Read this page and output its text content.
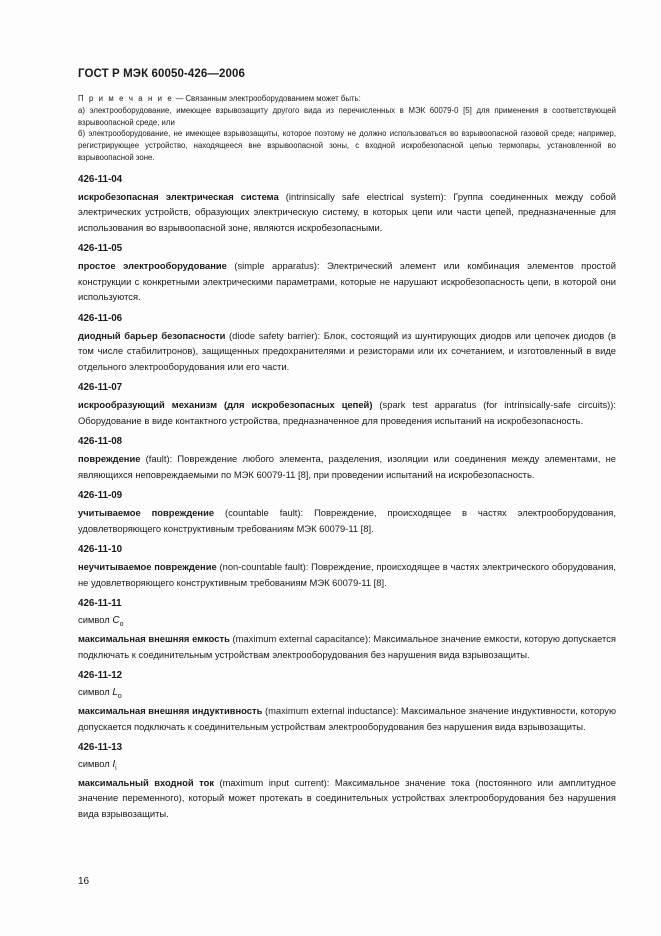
ГОСТ Р МЭК 60050-426—2006

П р и м е ч а н и е — Связанным электрооборудованием может быть:

a) электрооборудование, имеющее взрывозащиту другого вида из перечисленных в МЭК 60079-0 [5] для применения в соответствующей взрывоопасной среде, или

б) электрооборудование, не имеющее взрывозащиты, которое поэтому не должно использоваться во взрывоопасной газовой среде; например, регистрирующее устройство, находящееся вне взрывоопасной зоны, с входной искробезопасной цепью термопары, установленной во взрывоопасной зоне.

426-11-04

искробезопасная электрическая система (intrinsically safe electrical system): Группа соединенных между собой электрических устройств, образующих электрическую систему, в которых цепи или части цепей, предназначенные для использования во взрывоопасной зоне, являются искробезопасными.

426-11-05

простое электрооборудование (simple apparatus): Электрический элемент или комбинация элементов простой конструкции с конкретными электрическими параметрами, которые не нарушают искробезопасность цепи, в которой они используются.

426-11-06

диодный барьер безопасности (diode safety barrier): Блок, состоящий из шунтирующих диодов или цепочек диодов (в том числе стабилитронов), защищенных предохранителями и резисторами или их сочетанием, и изготовленный в виде отдельного электрооборудования или его части.

426-11-07

искрообразующий механизм (для искробезопасных цепей) (spark test apparatus (for intrinsically-safe circuits)): Оборудование в виде контактного устройства, предназначенное для проведения испытаний на искробезопасность.

426-11-08

повреждение (fault): Повреждение любого элемента, разделения, изоляции или соединения между элементами, не являющихся неповреждаемыми по МЭК 60079-11 [8], при проведении испытаний на искробезопасность.

426-11-09

учитываемое повреждение (countable fault): Повреждение, происходящее в частях электрооборудования, удовлетворяющего конструктивным требованиям МЭК 60079-11 [8].

426-11-10

неучитываемое повреждение (non-countable fault): Повреждение, происходящее в частях электрического оборудования, не удовлетворяющего конструктивным требованиям МЭК 60079-11 [8].

426-11-11

символ $C_o$

максимальная внешняя емкость (maximum external capacitance): Максимальное значение емкости, которую допускается подключать к соединительным устройствам электрооборудования без нарушения вида взрывозащиты.

426-11-12

символ $L_o$

максимальная внешняя индуктивность (maximum external inductance): Максимальное значение индуктивности, которую допускается подключать к соединительным устройствам электрооборудования без нарушения вида взрывозащиты.

426-11-13

символ $I_i$

максимальный входной ток (maximum input current): Максимальное значение тока (постоянного или амплитудное значение переменного), который может протекать в соединительных устройствах электрооборудования без нарушения вида взрывозащиты.

16
